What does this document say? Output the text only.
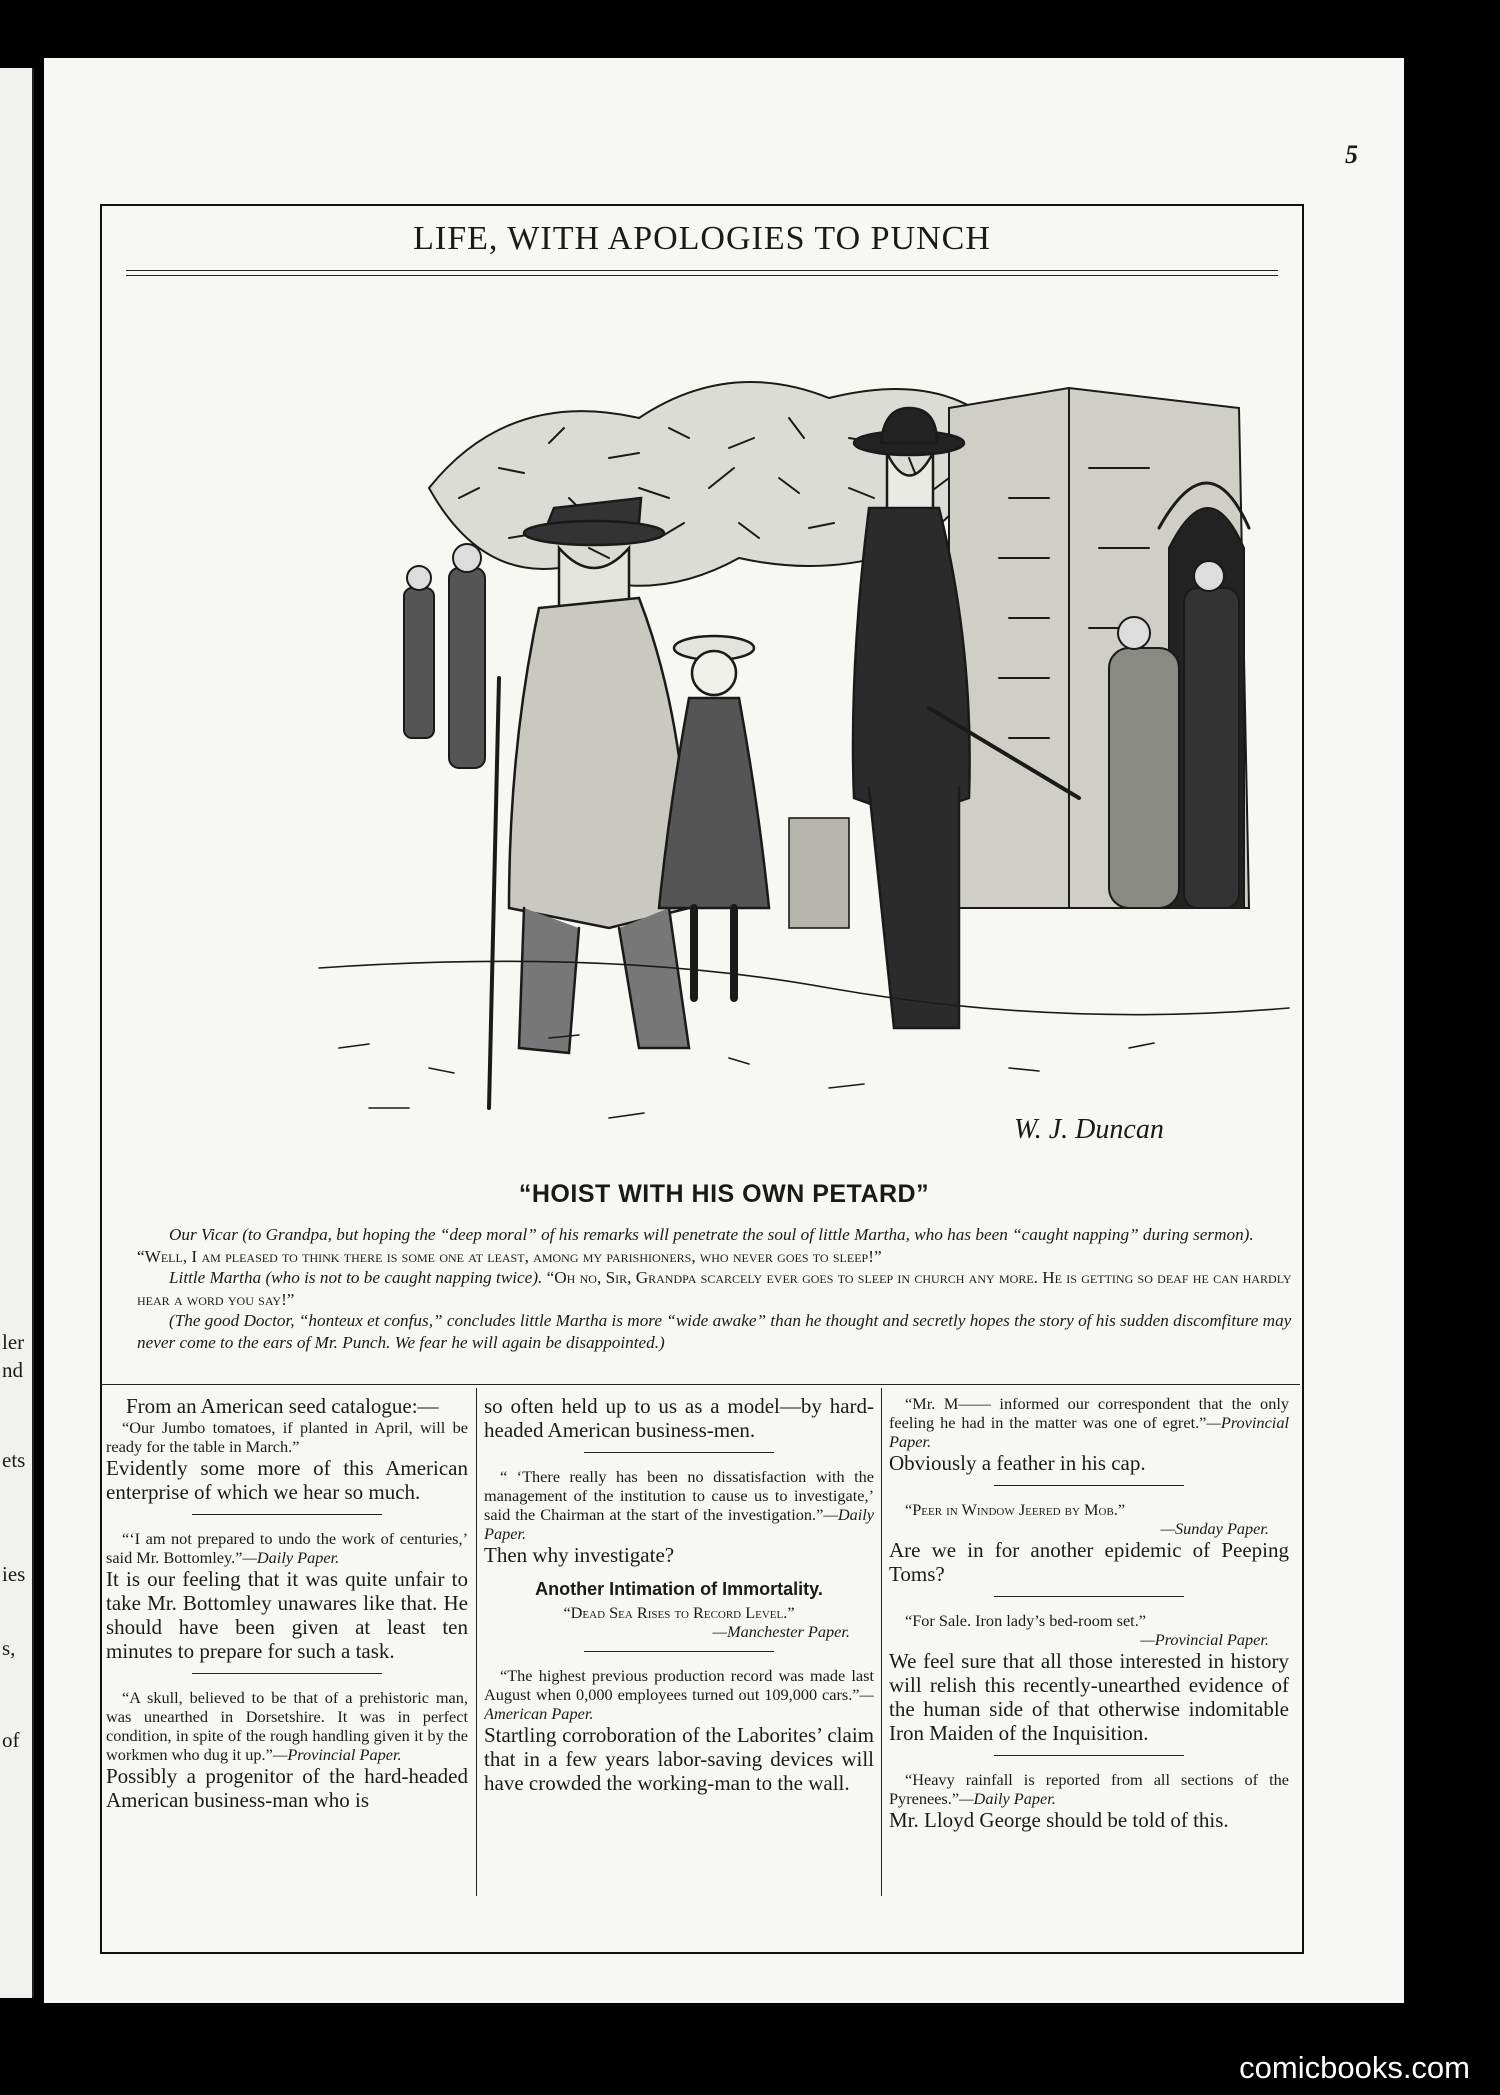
ler
nd
ets
ies
s,
of
5
LIFE, WITH APOLOGIES TO PUNCH
W. J. Duncan
“HOIST WITH HIS OWN PETARD”

Our Vicar (to Grandpa, but hoping the “deep moral” of his remarks will penetrate the soul of little Martha, who has been “caught napping” during sermon). “Well, I am pleased to think there is some one at least, among my parishioners, who never goes to sleep!”

Little Martha (who is not to be caught napping twice). “Oh no, Sir, Grandpa scarcely ever goes to sleep in church any more. He is getting so deaf he can hardly hear a word you say!”

(The good Doctor, “honteux et confus,” concludes little Martha is more “wide awake” than he thought and secretly hopes the story of his sudden discomfiture may never come to the ears of Mr. Punch. We fear he will again be disappointed.)

From an American seed catalogue:—

“Our Jumbo tomatoes, if planted in April, will be ready for the table in March.”

Evidently some more of this American enterprise of which we hear so much.

“‘I am not prepared to undo the work of centuries,’ said Mr. Bottomley.”—Daily Paper.

It is our feeling that it was quite unfair to take Mr. Bottomley unawares like that. He should have been given at least ten minutes to prepare for such a task.

“A skull, believed to be that of a prehistoric man, was unearthed in Dorsetshire. It was in perfect condition, in spite of the rough handling given it by the workmen who dug it up.”—Provincial Paper.

Possibly a progenitor of the hard-headed American business-man who is

so often held up to us as a model—by hard-headed American business-men.

“ ‘There really has been no dissatisfaction with the management of the institution to cause us to investigate,’ said the Chairman at the start of the investigation.”—Daily Paper.

Then why investigate?

Another Intimation of Immortality.

“Dead Sea Rises to Record Level.”

—Manchester Paper.

“The highest previous production record was made last August when 0,000 employees turned out 109,000 cars.”—American Paper.

Startling corroboration of the Laborites’ claim that in a few years labor-saving devices will have crowded the working-man to the wall.

“Mr. M—— informed our correspondent that the only feeling he had in the matter was one of egret.”—Provincial Paper.

Obviously a feather in his cap.

“Peer in Window Jeered by Mob.”

—Sunday Paper.

Are we in for another epidemic of Peeping Toms?

“For Sale. Iron lady’s bed-room set.”

—Provincial Paper.

We feel sure that all those interested in history will relish this recently-unearthed evidence of the human side of that otherwise indomitable Iron Maiden of the Inquisition.

“Heavy rainfall is reported from all sections of the Pyrenees.”—Daily Paper.

Mr. Lloyd George should be told of this.

comicbooks.com
